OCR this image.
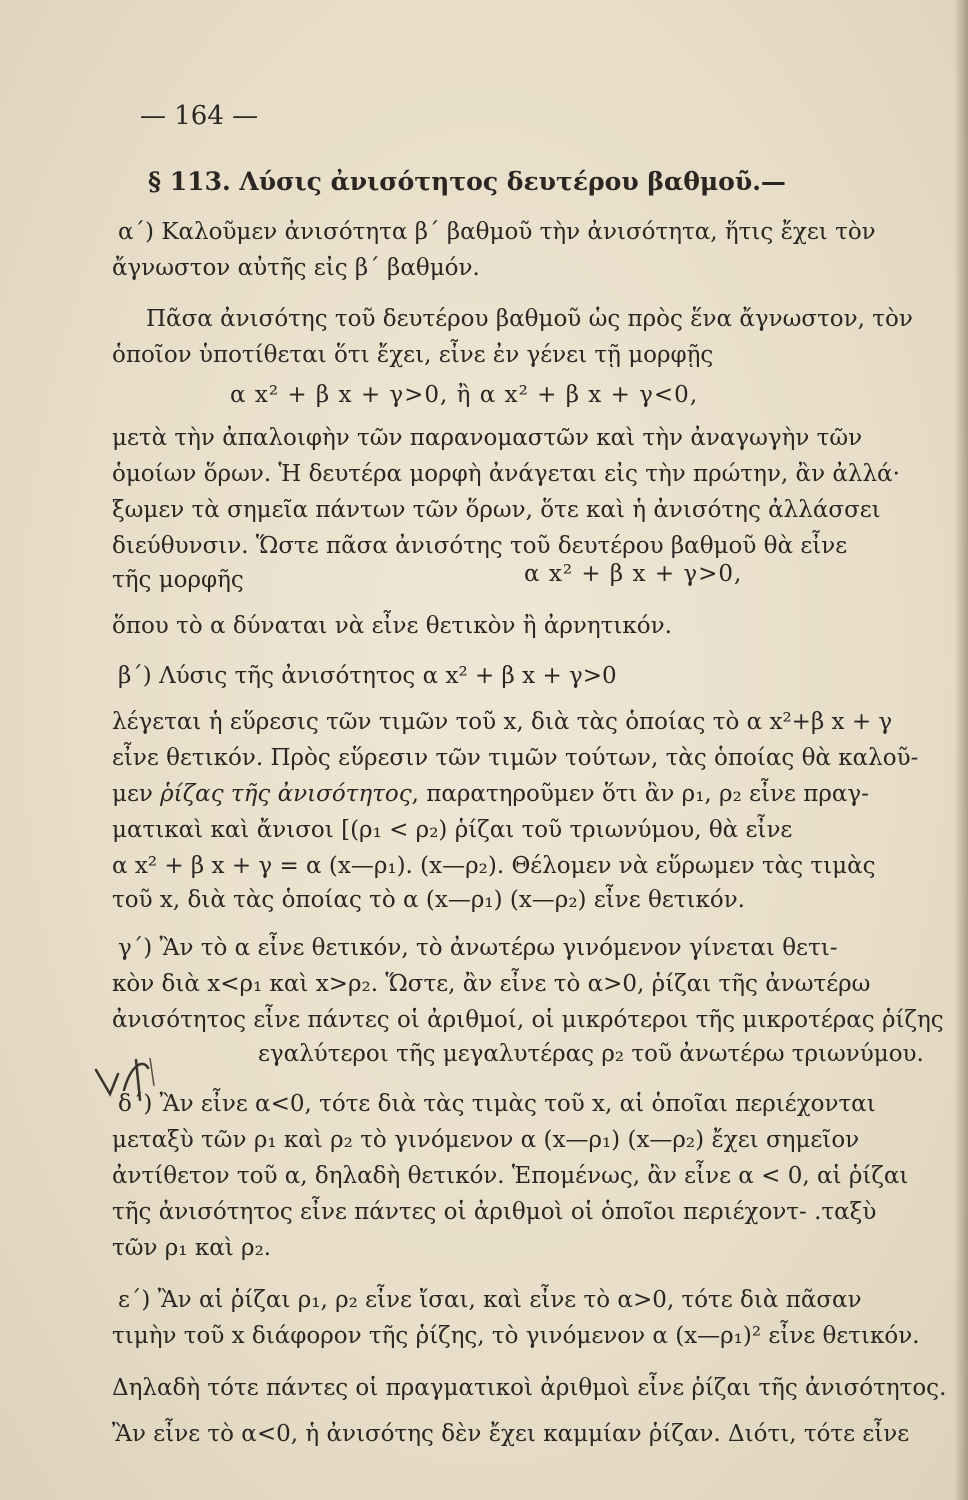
— 164 —
§ 113. Λύσις ἀνισότητος δευτέρου βαθμοῦ.—
α΄) Καλοῦμεν ἀνισότητα β΄ βαθμοῦ τὴν ἀνισότητα, ἥτις ἔχει τὸν
ἄγνωστον αὐτῆς εἰς β΄ βαθμόν.
Πᾶσα ἀνισότης τοῦ δευτέρου βαθμοῦ ὡς πρὸς ἕνα ἄγνωστον, τὸν
ὁποῖον ὑποτίθεται ὅτι ἔχει, εἶνε ἐν γένει τῇ μορφῇς
α x² + β x + γ>0, ἢ α x² + β x + γ<0,
μετὰ τὴν ἀπαλοιφὴν τῶν παρανομαστῶν καὶ τὴν ἀναγωγὴν τῶν
ὁμοίων ὅρων. Ἡ δευτέρα μορφὴ ἀνάγεται εἰς τὴν πρώτην, ἂν ἀλλά·
ξωμεν τὰ σημεῖα πάντων τῶν ὅρων, ὅτε καὶ ἡ ἀνισότης ἀλλάσσει
διεύθυνσιν. Ὥστε πᾶσα ἀνισότης τοῦ δευτέρου βαθμοῦ θὰ εἶνε
τῆς μορφῆς	α x² + β x + γ>0,
ὅπου τὸ α δύναται νὰ εἶνε θετικὸν ἢ ἀρνητικόν.
β΄) Λύσις τῆς ἀνισότητος α x² + β x + γ>0
λέγεται ἡ εὕρεσις τῶν τιμῶν τοῦ x, διὰ τὰς ὁποίας τὸ α x²+β x + γ
εἶνε θετικόν. Πρὸς εὕρεσιν τῶν τιμῶν τούτων, τὰς ὁποίας θὰ καλοῦ-
μεν ῥίζας τῆς ἀνισότητος, παρατηροῦμεν ὅτι ἂν ρ₁, ρ₂ εἶνε πραγ-
ματικαὶ καὶ ἄνισοι [(ρ₁ < ρ₂) ῥίζαι τοῦ τριωνύμου, θὰ εἶνε
α x² + β x + γ = α (x—ρ₁). (x—ρ₂). Θέλομεν νὰ εὕρωμεν τὰς τιμὰς
τοῦ x, διὰ τὰς ὁποίας τὸ α (x—ρ₁) (x—ρ₂) εἶνε θετικόν.
γ΄) Ἂν τὸ α εἶνε θετικόν, τὸ ἀνωτέρω γινόμενον γίνεται θετι-
κὸν διὰ x<ρ₁ καὶ x>ρ₂. Ὥστε, ἂν εἶνε τὸ α>0, ῥίζαι τῆς ἀνωτέρω
ἀνισότητος εἶνε πάντες οἱ ἀριθμοί, οἱ μικρότεροι τῆς μικροτέρας ῥίζης
εγαλύτεροι τῆς μεγαλυτέρας ρ₂ τοῦ ἀνωτέρω τριωνύμου.
δ΄) Ἂν εἶνε α<0, τότε διὰ τὰς τιμὰς τοῦ x, αἱ ὁποῖαι περιέχονται
μεταξὺ τῶν ρ₁ καὶ ρ₂ τὸ γινόμενον α (x—ρ₁) (x—ρ₂) ἔχει σημεῖον
ἀντίθετον τοῦ α, δηλαδὴ θετικόν. Ἑπομένως, ἂν εἶνε α < 0, αἱ ῥίζαι
τῆς ἀνισότητος εἶνε πάντες οἱ ἀριθμοὶ οἱ ὁποῖοι περιέχοντ- .ταξὺ
τῶν ρ₁ καὶ ρ₂.
ε΄) Ἂν αἱ ῥίζαι ρ₁, ρ₂ εἶνε ἴσαι, καὶ εἶνε τὸ α>0, τότε διὰ πᾶσαν
τιμὴν τοῦ x διάφορον τῆς ῥίζης, τὸ γινόμενον α (x—ρ₁)² εἶνε θετικόν.
Δηλαδὴ τότε πάντες οἱ πραγματικοὶ ἀριθμοὶ εἶνε ῥίζαι τῆς ἀνισότητος.
Ἂν εἶνε τὸ α<0, ἡ ἀνισότης δὲν ἔχει καμμίαν ῥίζαν. Διότι, τότε εἶνε
